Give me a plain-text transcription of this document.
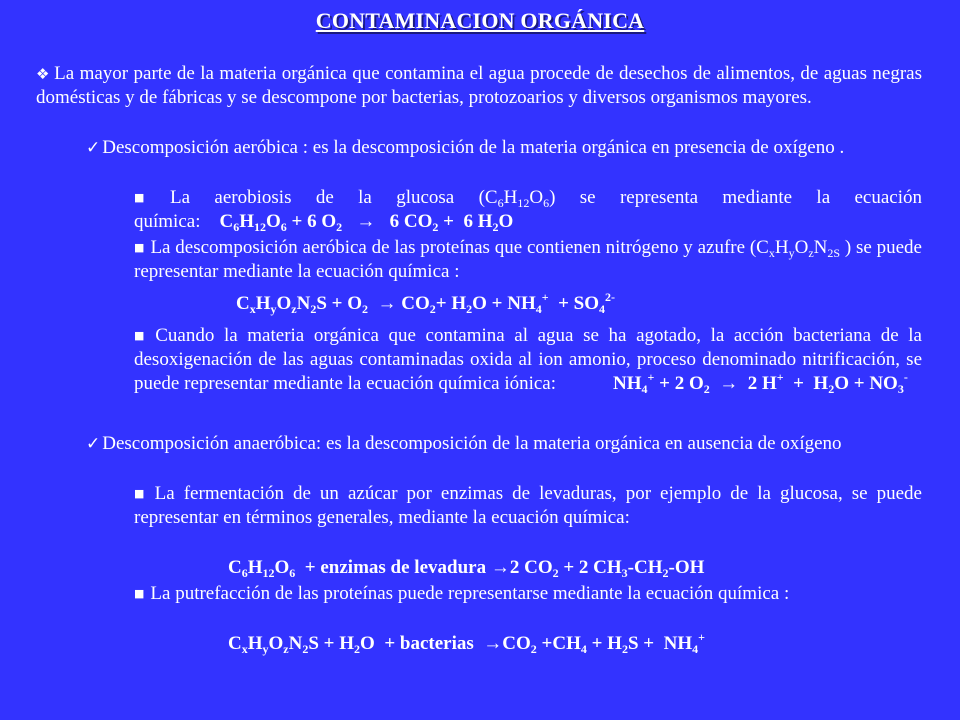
CONTAMINACION ORGÁNICA
❖ La mayor parte de la materia orgánica que contamina el agua procede de desechos de alimentos, de aguas negras domésticas y de fábricas y se descompone por bacterias, protozoarios y diversos organismos mayores.
✓ Descomposición aeróbica : es la descomposición de la materia orgánica en presencia de oxígeno .
■ La aerobiosis de la glucosa $(C_6H_{12}O_6)$ se representa mediante la ecuación química:    $C_6H_{12}O_6 + 6$ $O_2 \to 6$ $CO_2 + 6$ $H_2O$
■ La descomposición aeróbica de las proteínas que contienen nitrógeno y azufre ($C_xH_yO_zN_{2S}$ ) se puede representar mediante la ecuación química :
$C_xH_yO_zN_2S + O_2 \to CO_2+ H_2O + NH_4^+ + SO_4^{2-}$
■ Cuando la materia orgánica que contamina al agua se ha agotado, la acción bacteriana de la desoxigenación de las aguas contaminadas oxida al ion amonio, proceso denominado nitrificación, se puede representar mediante la ecuación química iónica:            $NH_4^+ + 2$ $O_2 \to 2$ $H^+ + H_2O + NO_3^-$
✓ Descomposición anaeróbica: es la descomposición de la materia orgánica en ausencia de oxígeno
■ La fermentación de un azúcar por enzimas de levaduras, por ejemplo de la glucosa, se puede representar en términos generales, mediante la ecuación química:
$C_6H_{12}O_6$  + enzimas de levadura →2 $CO_2 + 2$ $CH_3-CH_2-OH$
■ La putrefacción de las proteínas puede representarse mediante la ecuación química :
$C_xH_yO_zN_2S + H_2O$  + bacterias  $\to CO_2 +CH_4 + H_2S + NH_4^+$
